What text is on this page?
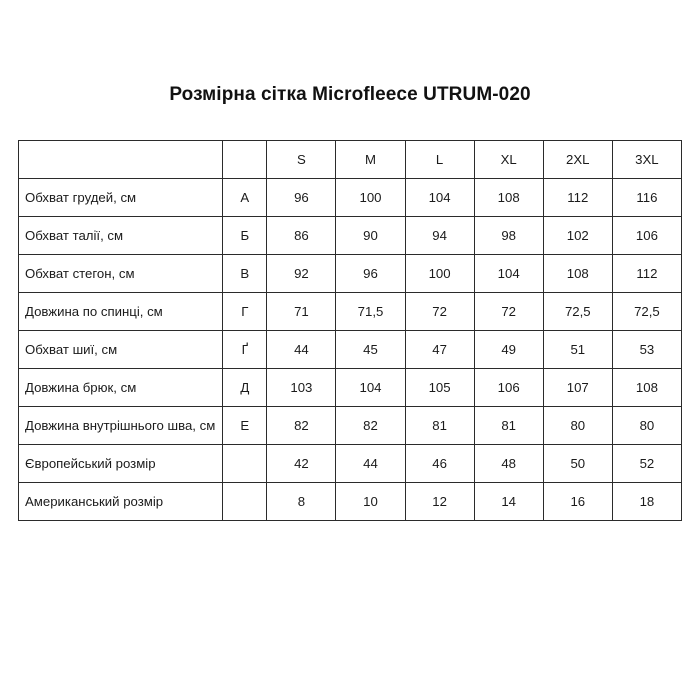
Розмірна сітка Microfleece UTRUM-020
		S	M	L	XL	2XL	3XL
Обхват грудей, см	А	96	100	104	108	112	116
Обхват талії, см	Б	86	90	94	98	102	106
Обхват стегон, см	В	92	96	100	104	108	112
Довжина по спинці, см	Г	71	71,5	72	72	72,5	72,5
Обхват шиї, см	Ґ	44	45	47	49	51	53
Довжина брюк, см	Д	103	104	105	106	107	108
Довжина внутрішнього шва, см	Е	82	82	81	81	80	80
Європейський розмір		42	44	46	48	50	52
Американський розмір		8	10	12	14	16	18
